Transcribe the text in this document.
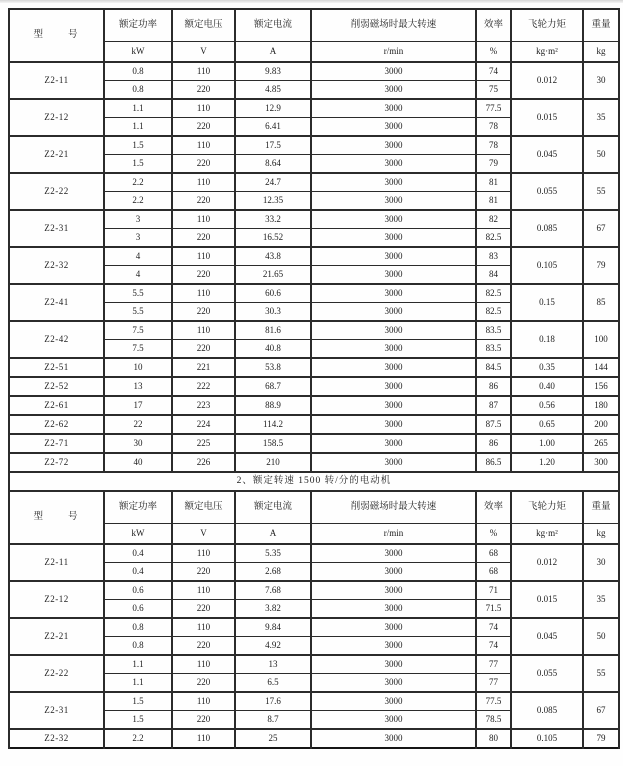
型　　号	额定功率	额定电压	额定电流	削弱磁场时最大转速	效率	飞轮力矩	重量
	kW	V	A	r/min	%	kg·m²	kg
Z2-11	0.8	110	9.83	3000	74	0.012	30
	0.8	220	4.85	3000	75		
Z2-12	1.1	110	12.9	3000	77.5	0.015	35
	1.1	220	6.41	3000	78		
Z2-21	1.5	110	17.5	3000	78	0.045	50
	1.5	220	8.64	3000	79		
Z2-22	2.2	110	24.7	3000	81	0.055	55
	2.2	220	12.35	3000	81		
Z2-31	3	110	33.2	3000	82	0.085	67
	3	220	16.52	3000	82.5		
Z2-32	4	110	43.8	3000	83	0.105	79
	4	220	21.65	3000	84		
Z2-41	5.5	110	60.6	3000	82.5	0.15	85
	5.5	220	30.3	3000	82.5		
Z2-42	7.5	110	81.6	3000	83.5	0.18	100
	7.5	220	40.8	3000	83.5		
Z2-51	10	221	53.8	3000	84.5	0.35	144
Z2-52	13	222	68.7	3000	86	0.40	156
Z2-61	17	223	88.9	3000	87	0.56	180
Z2-62	22	224	114.2	3000	87.5	0.65	200
Z2-71	30	225	158.5	3000	86	1.00	265
Z2-72	40	226	210	3000	86.5	1.20	300
2、额定转速 1500 转/分的电动机							
型　　号	额定功率	额定电压	额定电流	削弱磁场时最大转速	效率	飞轮力矩	重量
	kW	V	A	r/min	%	kg·m²	kg
Z2-11	0.4	110	5.35	3000	68	0.012	30
	0.4	220	2.68	3000	68		
Z2-12	0.6	110	7.68	3000	71	0.015	35
	0.6	220	3.82	3000	71.5		
Z2-21	0.8	110	9.84	3000	74	0.045	50
	0.8	220	4.92	3000	74		
Z2-22	1.1	110	13	3000	77	0.055	55
	1.1	220	6.5	3000	77		
Z2-31	1.5	110	17.6	3000	77.5	0.085	67
	1.5	220	8.7	3000	78.5		
Z2-32	2.2	110	25	3000	80	0.105	79
